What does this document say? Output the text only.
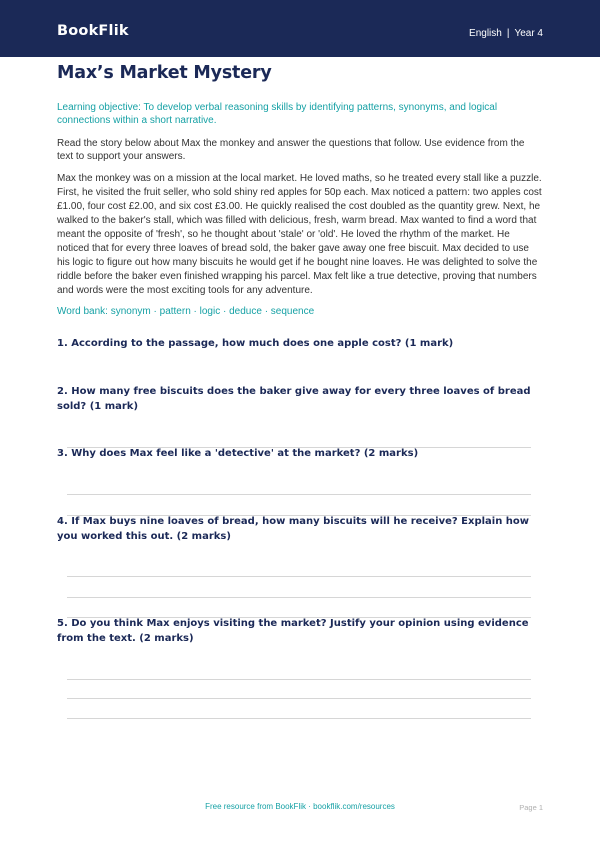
BookFlik	English | Year 4
Max’s Market Mystery

Learning objective: To develop verbal reasoning skills by identifying patterns, synonyms, and logical connections within a short narrative.

Read the story below about Max the monkey and answer the questions that follow. Use evidence from the text to support your answers.

Max the monkey was on a mission at the local market. He loved maths, so he treated every stall like a puzzle. First, he visited the fruit seller, who sold shiny red apples for 50p each. Max noticed a pattern: two apples cost £1.00, four cost £2.00, and six cost £3.00. He quickly realised the cost doubled as the quantity grew. Next, he walked to the baker's stall, which was filled with delicious, fresh, warm bread. Max wanted to find a word that meant the opposite of 'fresh', so he thought about 'stale' or 'old'. He loved the rhythm of the market. He noticed that for every three loaves of bread sold, the baker gave away one free biscuit. Max decided to use his logic to figure out how many biscuits he would get if he bought nine loaves. He was delighted to solve the riddle before the baker even finished wrapping his parcel. Max felt like a true detective, proving that numbers and words were the most exciting tools for any adventure.

Word bank: synonym · pattern · logic · deduce · sequence

1. According to the passage, how much does one apple cost? (1 mark)

2. How many free biscuits does the baker give away for every three loaves of bread sold? (1 mark)

3. Why does Max feel like a 'detective' at the market? (2 marks)

4. If Max buys nine loaves of bread, how many biscuits will he receive? Explain how you worked this out. (2 marks)

5. Do you think Max enjoys visiting the market? Justify your opinion using evidence from the text. (2 marks)

Free resource from BookFlik · bookflik.com/resources	Page 1
